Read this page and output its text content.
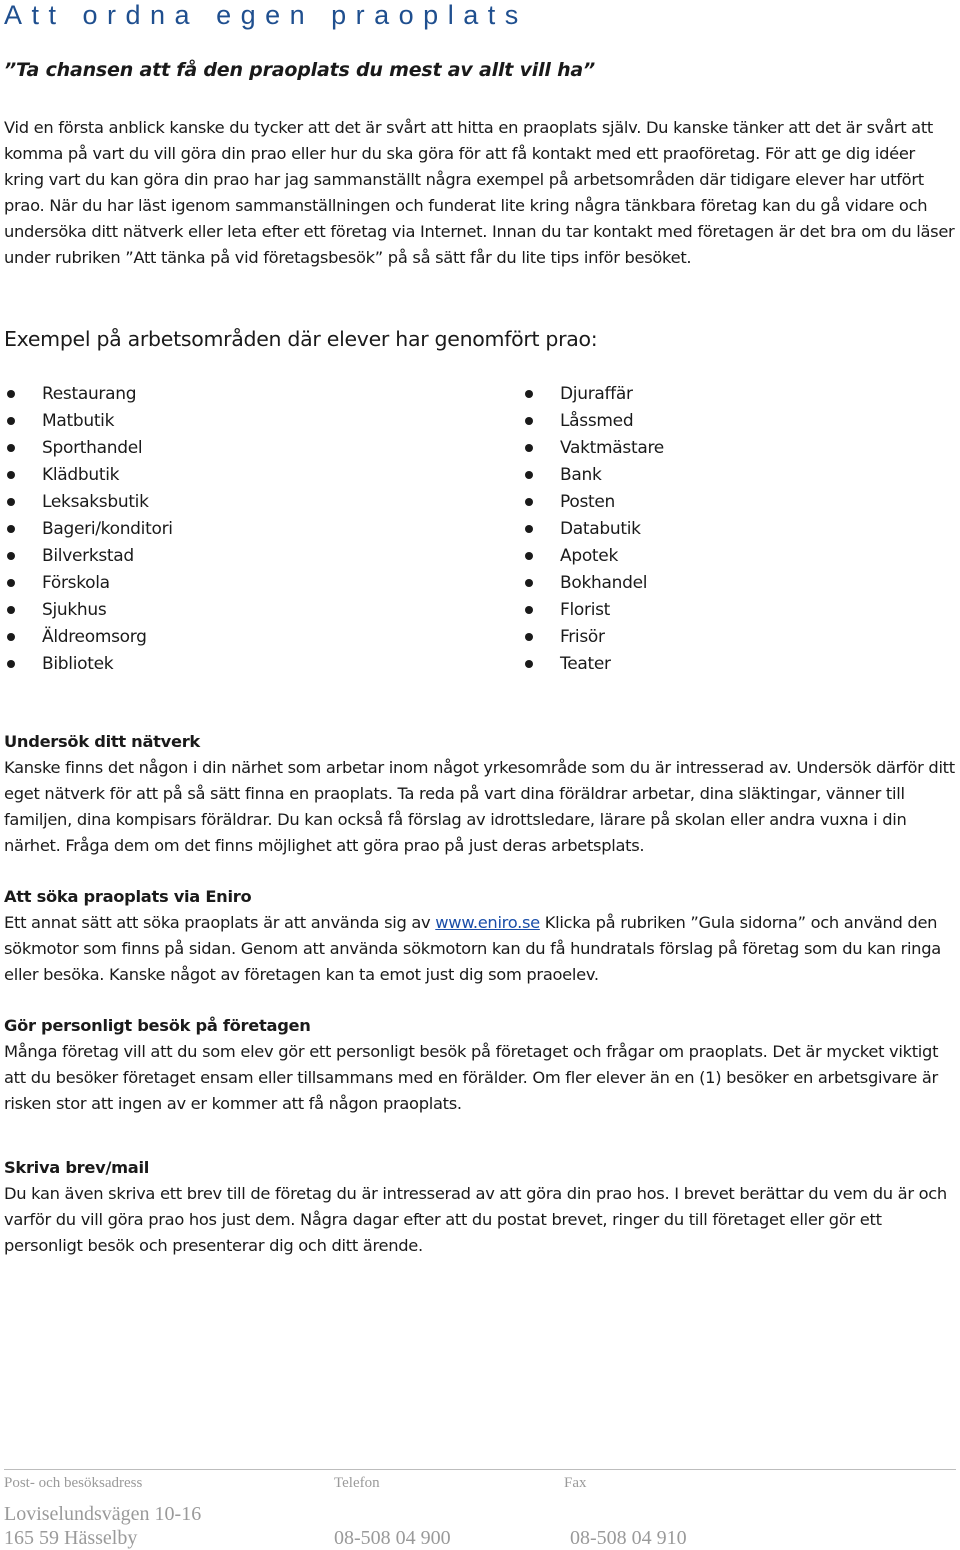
Att ordna egen praoplats

”Ta chansen att få den praoplats du mest av allt vill ha”

Vid en första anblick kanske du tycker att det är svårt att hitta en praoplats själv. Du kanske tänker att det är svårt att komma på vart du vill göra din prao eller hur du ska göra för att få kontakt med ett praoföretag. För att ge dig idéer kring vart du kan göra din prao har jag sammanställt några exempel på arbetsområden där tidigare elever har utfört prao. När du har läst igenom sammanställningen och funderat lite kring några tänkbara företag kan du gå vidare och undersöka ditt nätverk eller leta efter ett företag via Internet. Innan du tar kontakt med företagen är det bra om du läser under rubriken ”Att tänka på vid företagsbesök” på så sätt får du lite tips inför besöket.

Exempel på arbetsområden där elever har genomfört prao:
Restaurang
Matbutik
Sporthandel
Klädbutik
Leksaksbutik
Bageri/konditori
Bilverkstad
Förskola
Sjukhus
Äldreomsorg
Bibliotek
Djuraffär
Låssmed
Vaktmästare
Bank
Posten
Databutik
Apotek
Bokhandel
Florist
Frisör
Teater

Undersök ditt nätverk

Kanske finns det någon i din närhet som arbetar inom något yrkesområde som du är intresserad av. Undersök därför ditt eget nätverk för att på så sätt finna en praoplats. Ta reda på vart dina föräldrar arbetar, dina släktingar, vänner till familjen, dina kompisars föräldrar. Du kan också få förslag av idrottsledare, lärare på skolan eller andra vuxna i din närhet. Fråga dem om det finns möjlighet att göra prao på just deras arbetsplats.

Att söka praoplats via Eniro

Ett annat sätt att söka praoplats är att använda sig av www.eniro.se Klicka på rubriken ”Gula sidorna” och använd den sökmotor som finns på sidan. Genom att använda sökmotorn kan du få hundratals förslag på företag som du kan ringa eller besöka. Kanske något av företagen kan ta emot just dig som praoelev.

Gör personligt besök på företagen

Många företag vill att du som elev gör ett personligt besök på företaget och frågar om praoplats. Det är mycket viktigt att du besöker företaget ensam eller tillsammans med en förälder. Om fler elever än en (1) besöker en arbetsgivare är risken stor att ingen av er kommer att få någon praoplats.

Skriva brev/mail

Du kan även skriva ett brev till de företag du är intresserad av att göra din prao hos. I brevet berättar du vem du är och varför du vill göra prao hos just dem. Några dagar efter att du postat brevet, ringer du till företaget eller gör ett personligt besök och presenterar dig och ditt ärende.

Post- och besöksadress	Telefon	Fax

Loviselundsvägen 10-16

165 59 Hässelby	08-508 04 900	08-508 04 910
